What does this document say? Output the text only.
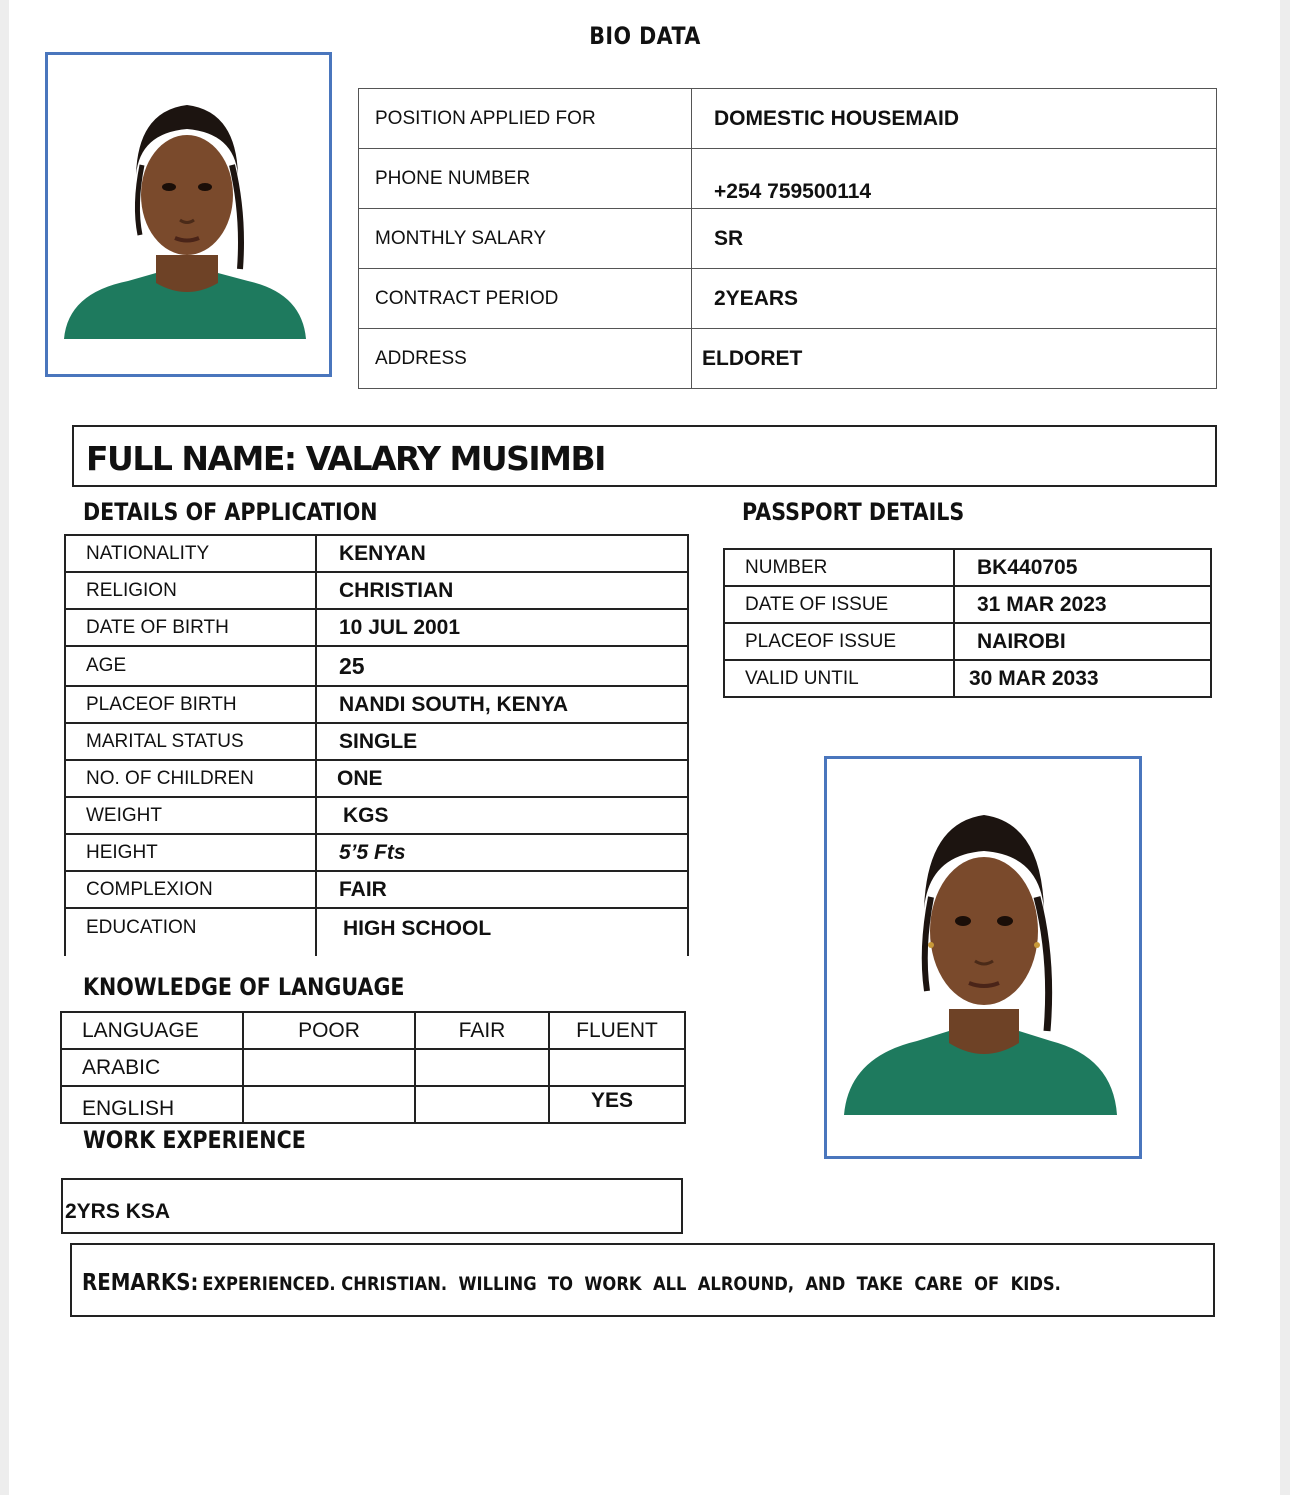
BIO DATA
POSITION APPLIED FOR	DOMESTIC HOUSEMAID
PHONE NUMBER	+254 759500114
MONTHLY SALARY	SR
CONTRACT PERIOD	2YEARS
ADDRESS	ELDORET
FULL NAME: VALARY MUSIMBI
DETAILS OF APPLICATION
NATIONALITY	KENYAN
RELIGION	CHRISTIAN
DATE OF BIRTH	10 JUL 2001
AGE	25
PLACEOF BIRTH	NANDI SOUTH, KENYA
MARITAL STATUS	SINGLE
NO. OF CHILDREN	ONE
WEIGHT	KGS
HEIGHT	5’5 Fts
COMPLEXION	FAIR
EDUCATION	HIGH SCHOOL
PASSPORT DETAILS
NUMBER	BK440705
DATE OF ISSUE	31 MAR 2023
PLACEOF ISSUE	NAIROBI
VALID UNTIL	30 MAR 2033
KNOWLEDGE OF LANGUAGE
LANGUAGE	POOR	FAIR	FLUENT
ARABIC			
ENGLISH			YES
WORK EXPERIENCE
2YRS KSA
REMARKS: EXPERIENCED. CHRISTIAN.  WILLING  TO  WORK  ALL  ALROUND,  AND  TAKE  CARE  OF  KIDS.
